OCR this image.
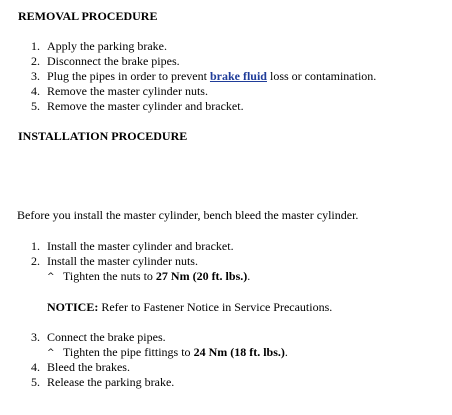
REMOVAL PROCEDURE
1. Apply the parking brake.
2. Disconnect the brake pipes.
3. Plug the pipes in order to prevent brake fluid loss or contamination.
4. Remove the master cylinder nuts.
5. Remove the master cylinder and bracket.
INSTALLATION PROCEDURE
Before you install the master cylinder, bench bleed the master cylinder.
1. Install the master cylinder and bracket.
2. Install the master cylinder nuts.
^ Tighten the nuts to 27 Nm (20 ft. lbs.).
NOTICE: Refer to Fastener Notice in Service Precautions.
3. Connect the brake pipes.
^ Tighten the pipe fittings to 24 Nm (18 ft. lbs.).
4. Bleed the brakes.
5. Release the parking brake.
